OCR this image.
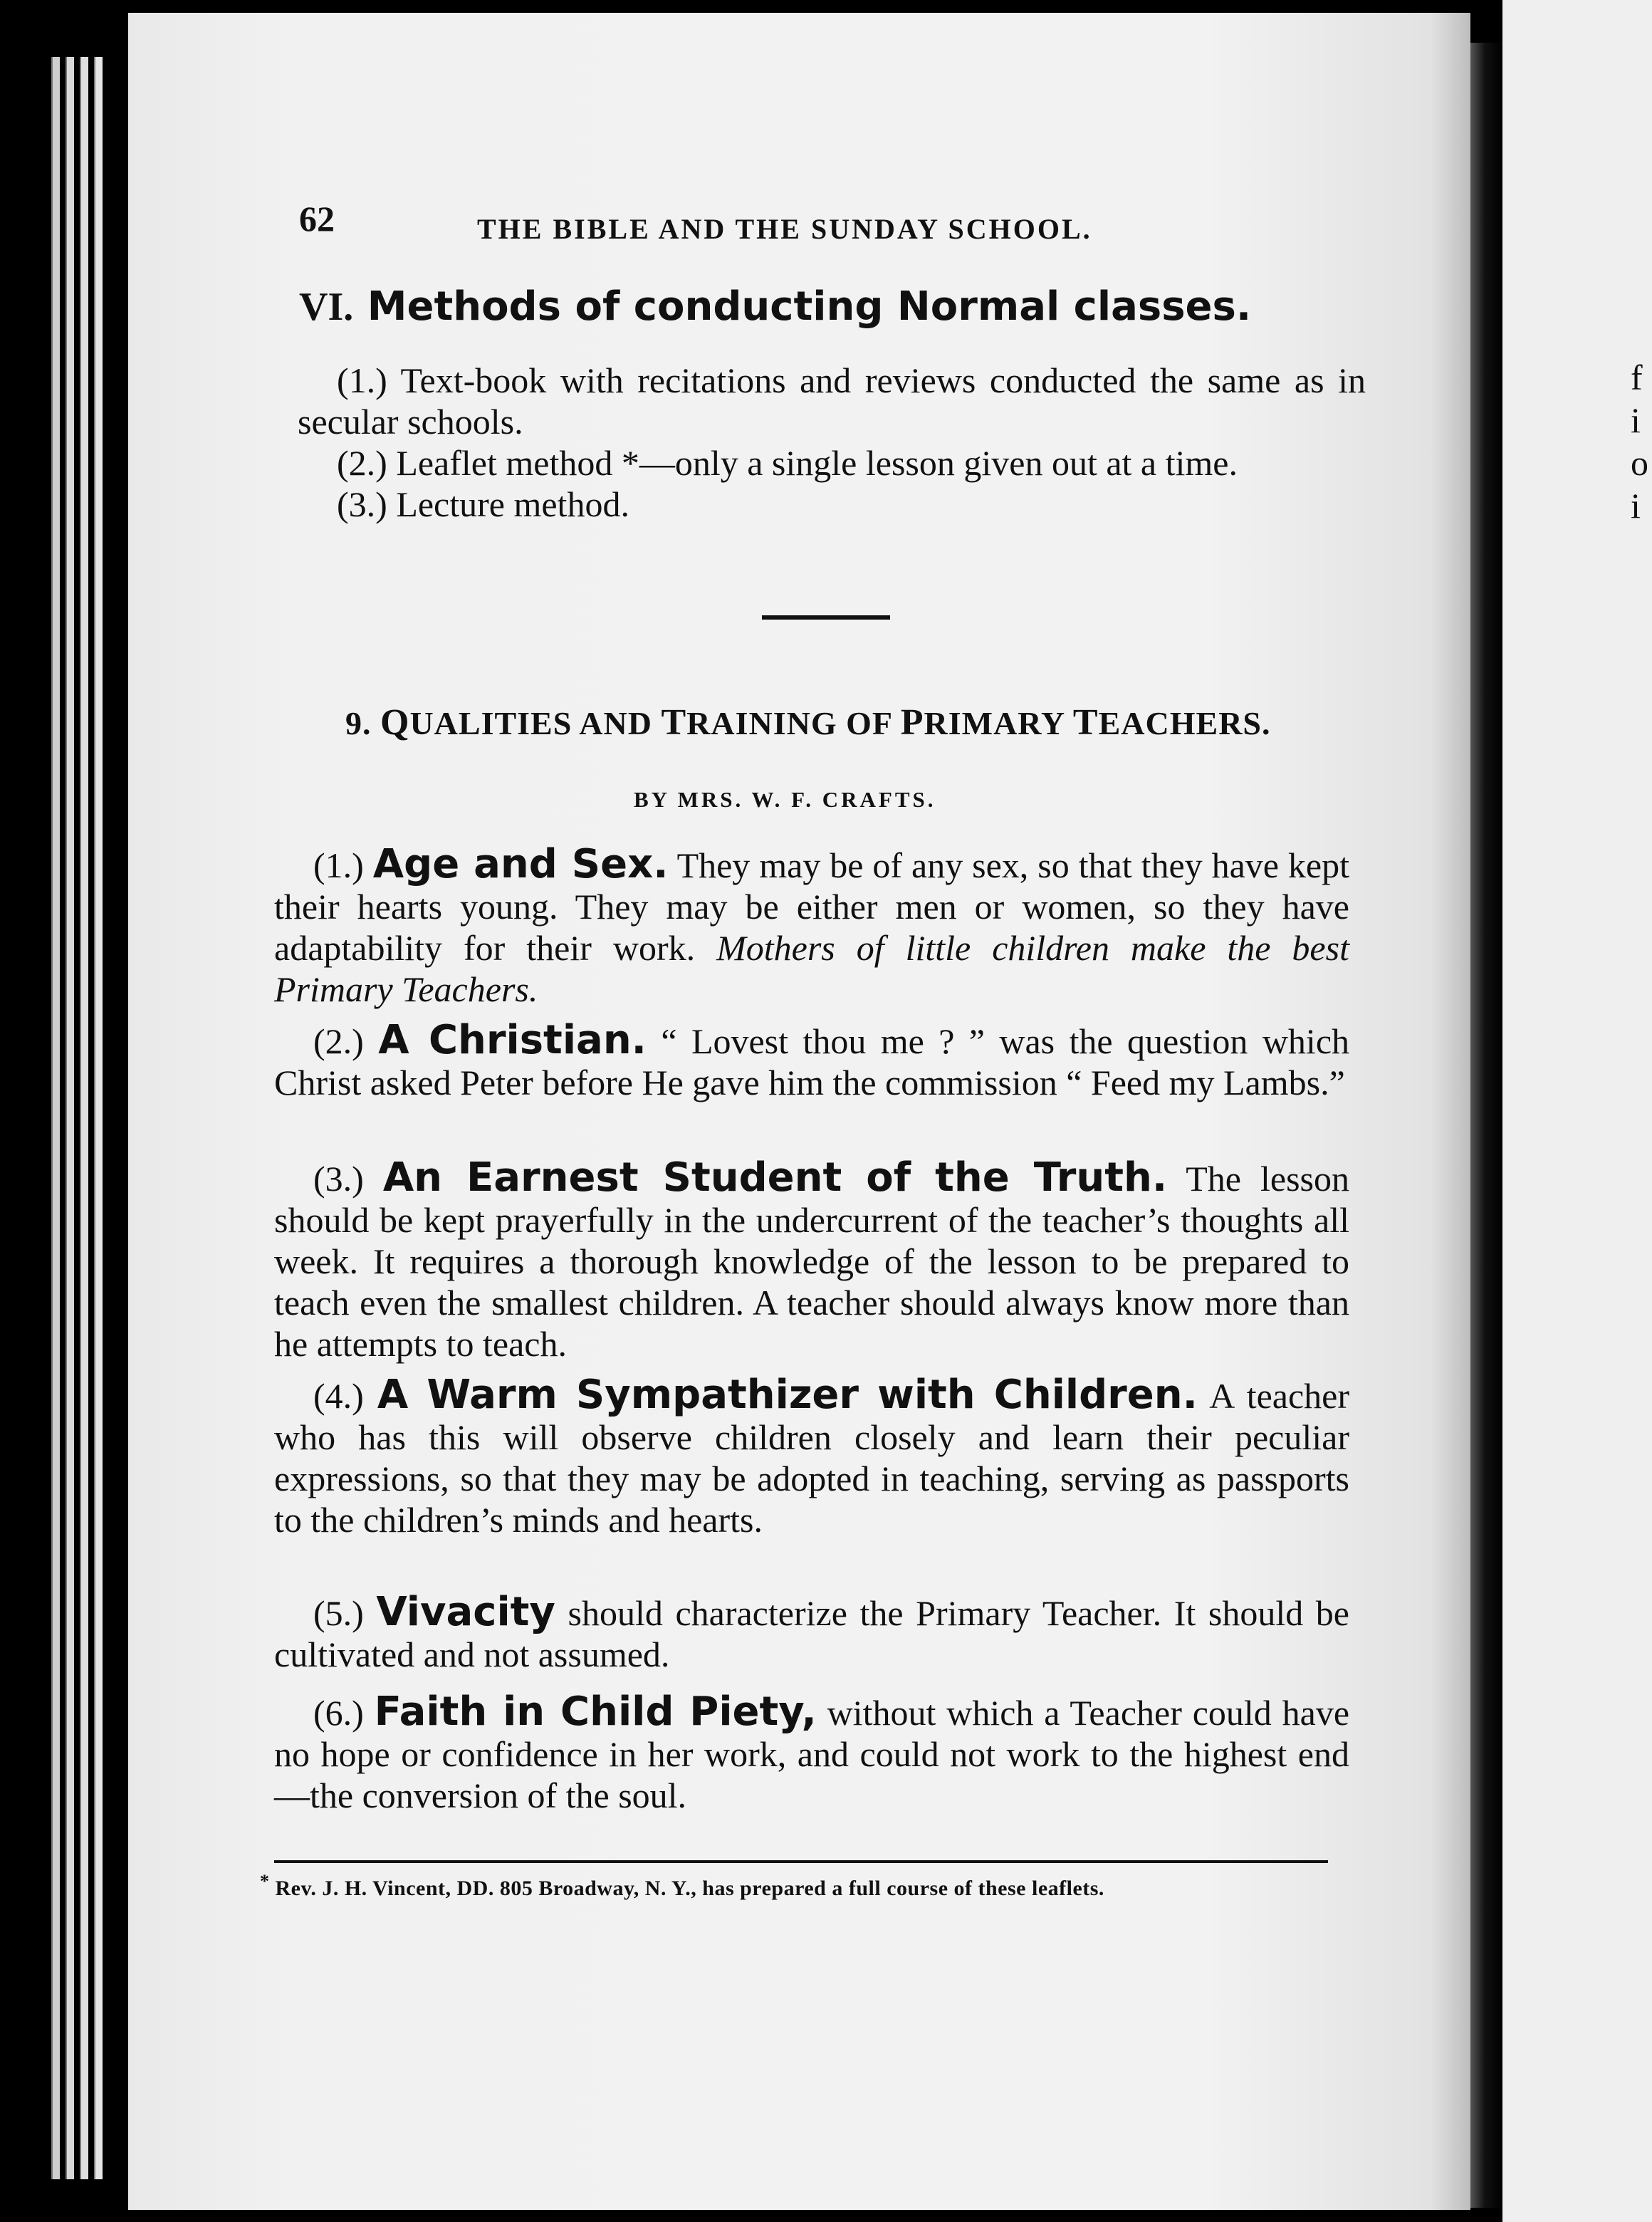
f
i
o
i
62	THE BIBLE AND THE SUNDAY SCHOOL.
VI. Methods of conducting Normal classes.

(1.) Text-book with recitations and reviews conducted the same as in secular schools.

(2.) Leaflet method *—only a single lesson given out at a time.

(3.) Lecture method.

9. QUALITIES AND TRAINING OF PRIMARY TEACHERS.
BY MRS. W. F. CRAFTS.

(1.) Age and Sex. They may be of any sex, so that they have kept their hearts young. They may be either men or women, so they have adaptability for their work. Mothers of little children make the best Primary Teachers.

(2.) A Christian. “ Lovest thou me ? ” was the question which Christ asked Peter before He gave him the commission “ Feed my Lambs.”

(3.) An Earnest Student of the Truth. The lesson should be kept prayerfully in the undercurrent of the teacher’s thoughts all week. It requires a thorough knowledge of the lesson to be prepared to teach even the smallest children. A teacher should always know more than he attempts to teach.

(4.) A Warm Sympathizer with Children. A teacher who has this will observe children closely and learn their peculiar expressions, so that they may be adopted in teaching, serving as passports to the children’s minds and hearts.

(5.) Vivacity should characterize the Primary Teacher. It should be cultivated and not assumed.

(6.) Faith in Child Piety, without which a Teacher could have no hope or confidence in her work, and could not work to the highest end—the conversion of the soul.

* Rev. J. H. Vincent, DD. 805 Broadway, N. Y., has prepared a full course of these leaflets.
